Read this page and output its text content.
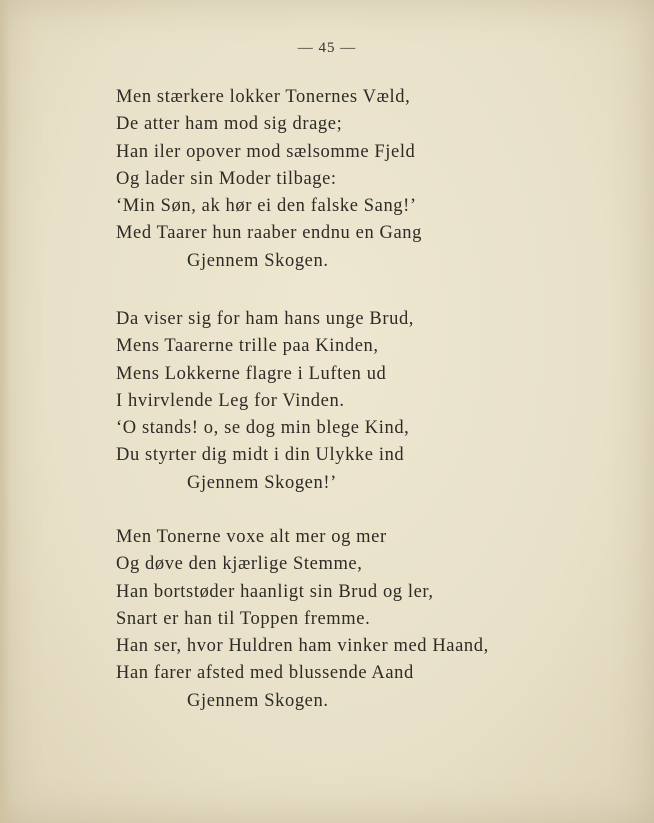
— 45 —
Men stærkere lokker Tonernes Væld,
De atter ham mod sig drage;
Han iler opover mod sælsomme Fjeld
Og lader sin Moder tilbage:
‘Min Søn, ak hør ei den falske Sang!’
Med Taarer hun raaber endnu en Gang
Gjennem Skogen.
Da viser sig for ham hans unge Brud,
Mens Taarerne trille paa Kinden,
Mens Lokkerne flagre i Luften ud
I hvirvlende Leg for Vinden.
‘O stands! o, se dog min blege Kind,
Du styrter dig midt i din Ulykke ind
Gjennem Skogen!’
Men Tonerne voxe alt mer og mer
Og døve den kjærlige Stemme,
Han bortstøder haanligt sin Brud og ler,
Snart er han til Toppen fremme.
Han ser, hvor Huldren ham vinker med Haand,
Han farer afsted med blussende Aand
Gjennem Skogen.
